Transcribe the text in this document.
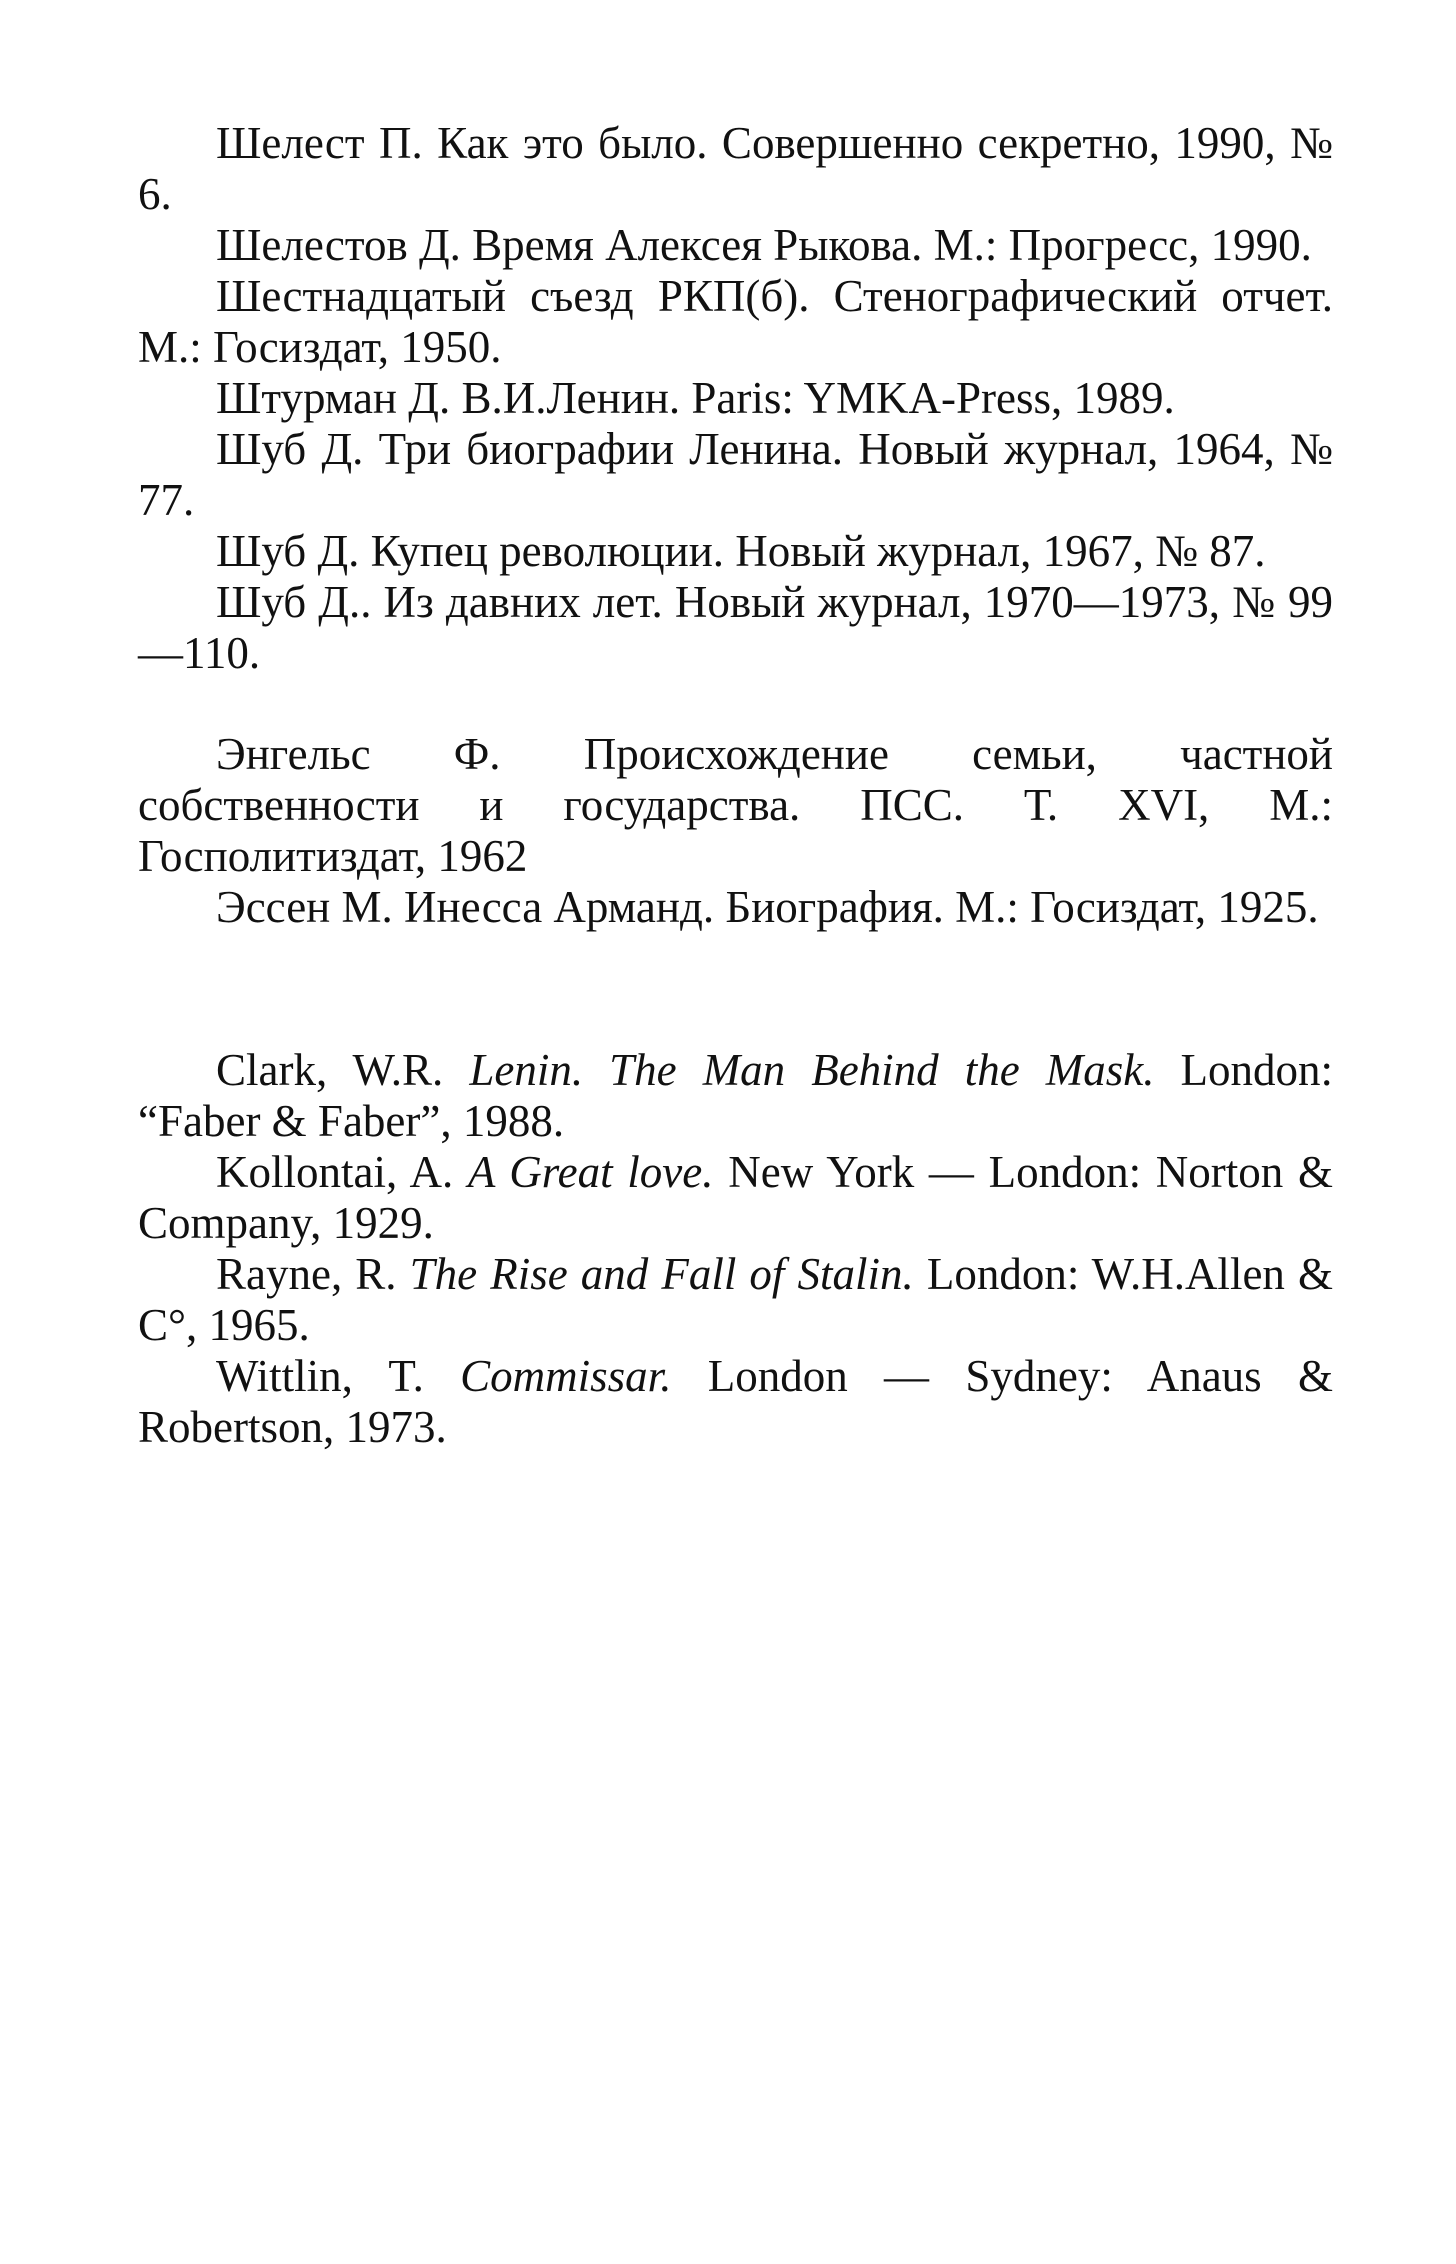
Шелест П. Как это было. Совершенно секретно, 1990, № 6.

Шелестов Д. Время Алексея Рыкова. М.: Прогресс, 1990.

Шестнадцатый съезд РКП(б). Стенографический отчет. М.: Госиздат, 1950.

Штурман Д. В.И.Ленин. Paris: YMKA-Press, 1989.

Шуб Д. Три биографии Ленина. Новый журнал, 1964, № 77.

Шуб Д. Купец революции. Новый журнал, 1967, № 87.

Шуб Д.. Из давних лет. Новый журнал, 1970—1973, № 99—110.

Энгельс Ф. Происхождение семьи, частной собственности и государства. ПСС. Т. XVI, М.: Госполитиздат, 1962

Эссен М. Инесса Арманд. Биография. М.: Госиздат, 1925.

Clark, W.R. Lenin. The Man Behind the Mask. London: “Faber & Faber”, 1988.

Kollontai, A. A Great love. New York — London: Norton & Company, 1929.

Rayne, R. The Rise and Fall of Stalin. London: W.H.Allen & C°, 1965.

Wittlin, T. Commissar. London — Sydney: Anaus & Robertson, 1973.
